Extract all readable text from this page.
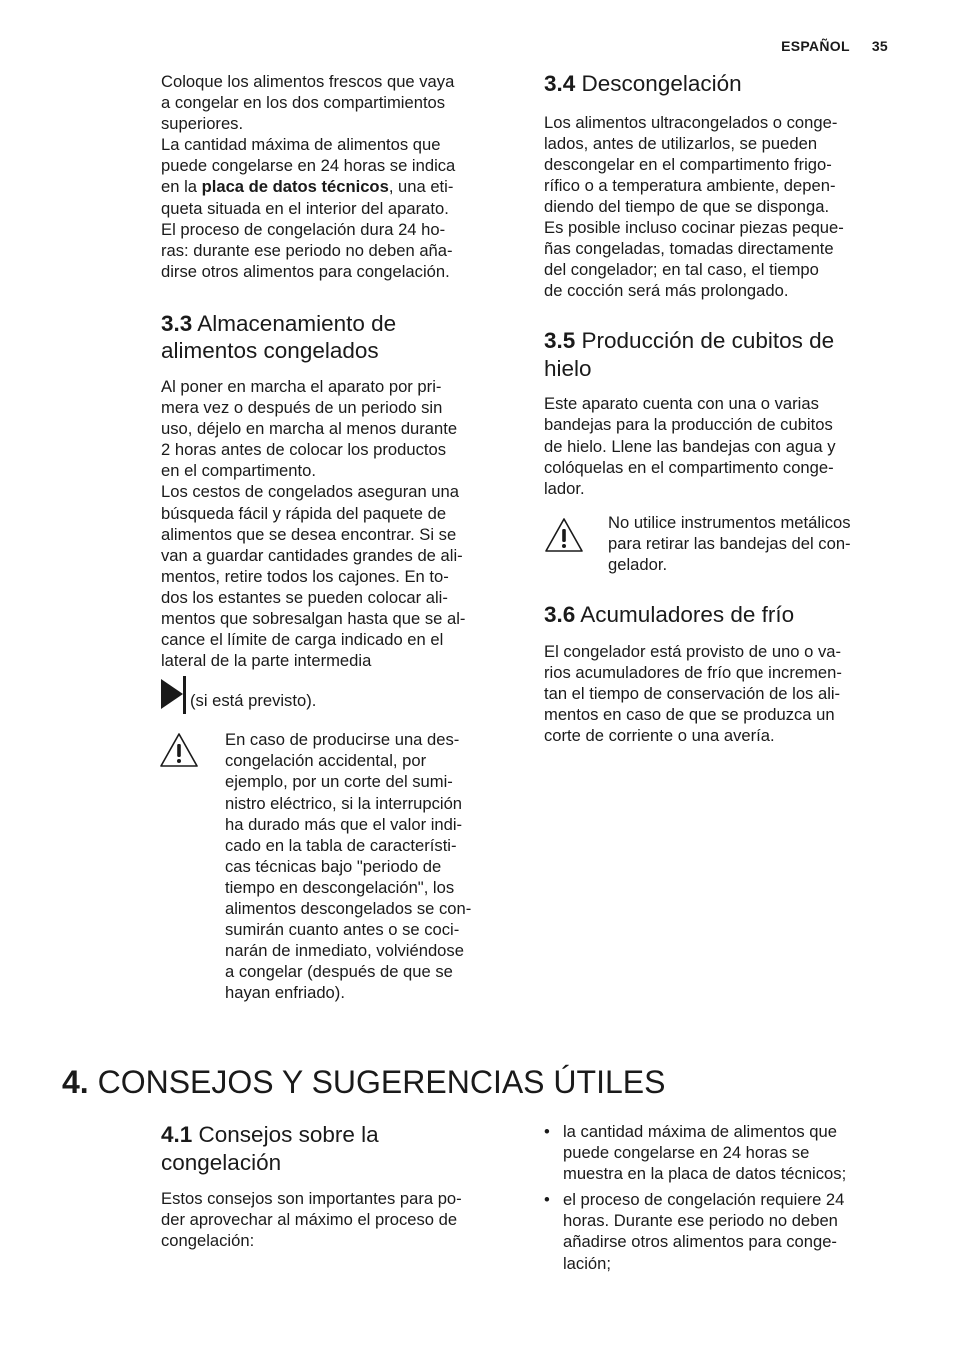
ESPAÑOL 35

Coloque los alimentos frescos que vaya
a congelar en los dos compartimientos
superiores.
La cantidad máxima de alimentos que
puede congelarse en 24 horas se indica
en la placa de datos técnicos, una eti-
queta situada en el interior del aparato.
El proceso de congelación dura 24 ho-
ras: durante ese periodo no deben aña-
dirse otros alimentos para congelación.

3.3 Almacenamiento de
alimentos congelados

Al poner en marcha el aparato por pri-
mera vez o después de un periodo sin
uso, déjelo en marcha al menos durante
2 horas antes de colocar los productos
en el compartimento.
Los cestos de congelados aseguran una
búsqueda fácil y rápida del paquete de
alimentos que se desea encontrar. Si se
van a guardar cantidades grandes de ali-
mentos, retire todos los cajones. En to-
dos los estantes se pueden colocar ali-
mentos que sobresalgan hasta que se al-
cance el límite de carga indicado en el
lateral de la parte intermedia

(si está previsto).

En caso de producirse una des-
congelación accidental, por
ejemplo, por un corte del sumi-
nistro eléctrico, si la interrupción
ha durado más que el valor indi-
cado en la tabla de característi-
cas técnicas bajo "periodo de
tiempo en descongelación", los
alimentos descongelados se con-
sumirán cuanto antes o se coci-
narán de inmediato, volviéndose
a congelar (después de que se
hayan enfriado).

3.4 Descongelación

Los alimentos ultracongelados o conge-
lados, antes de utilizarlos, se pueden
descongelar en el compartimento frigo-
rífico o a temperatura ambiente, depen-
diendo del tiempo de que se disponga.
Es posible incluso cocinar piezas peque-
ñas congeladas, tomadas directamente
del congelador; en tal caso, el tiempo
de cocción será más prolongado.

3.5 Producción de cubitos de
hielo

Este aparato cuenta con una o varias
bandejas para la producción de cubitos
de hielo. Llene las bandejas con agua y
colóquelas en el compartimento conge-
lador.

No utilice instrumentos metálicos
para retirar las bandejas del con-
gelador.

3.6 Acumuladores de frío

El congelador está provisto de uno o va-
rios acumuladores de frío que incremen-
tan el tiempo de conservación de los ali-
mentos en caso de que se produzca un
corte de corriente o una avería.

4. CONSEJOS Y SUGERENCIAS ÚTILES
4.1 Consejos sobre la
congelación

Estos consejos son importantes para po-
der aprovechar al máximo el proceso de
congelación:

• la cantidad máxima de alimentos que
puede congelarse en 24 horas se
muestra en la placa de datos técnicos;
• el proceso de congelación requiere 24
horas. Durante ese periodo no deben
añadirse otros alimentos para conge-
lación;
